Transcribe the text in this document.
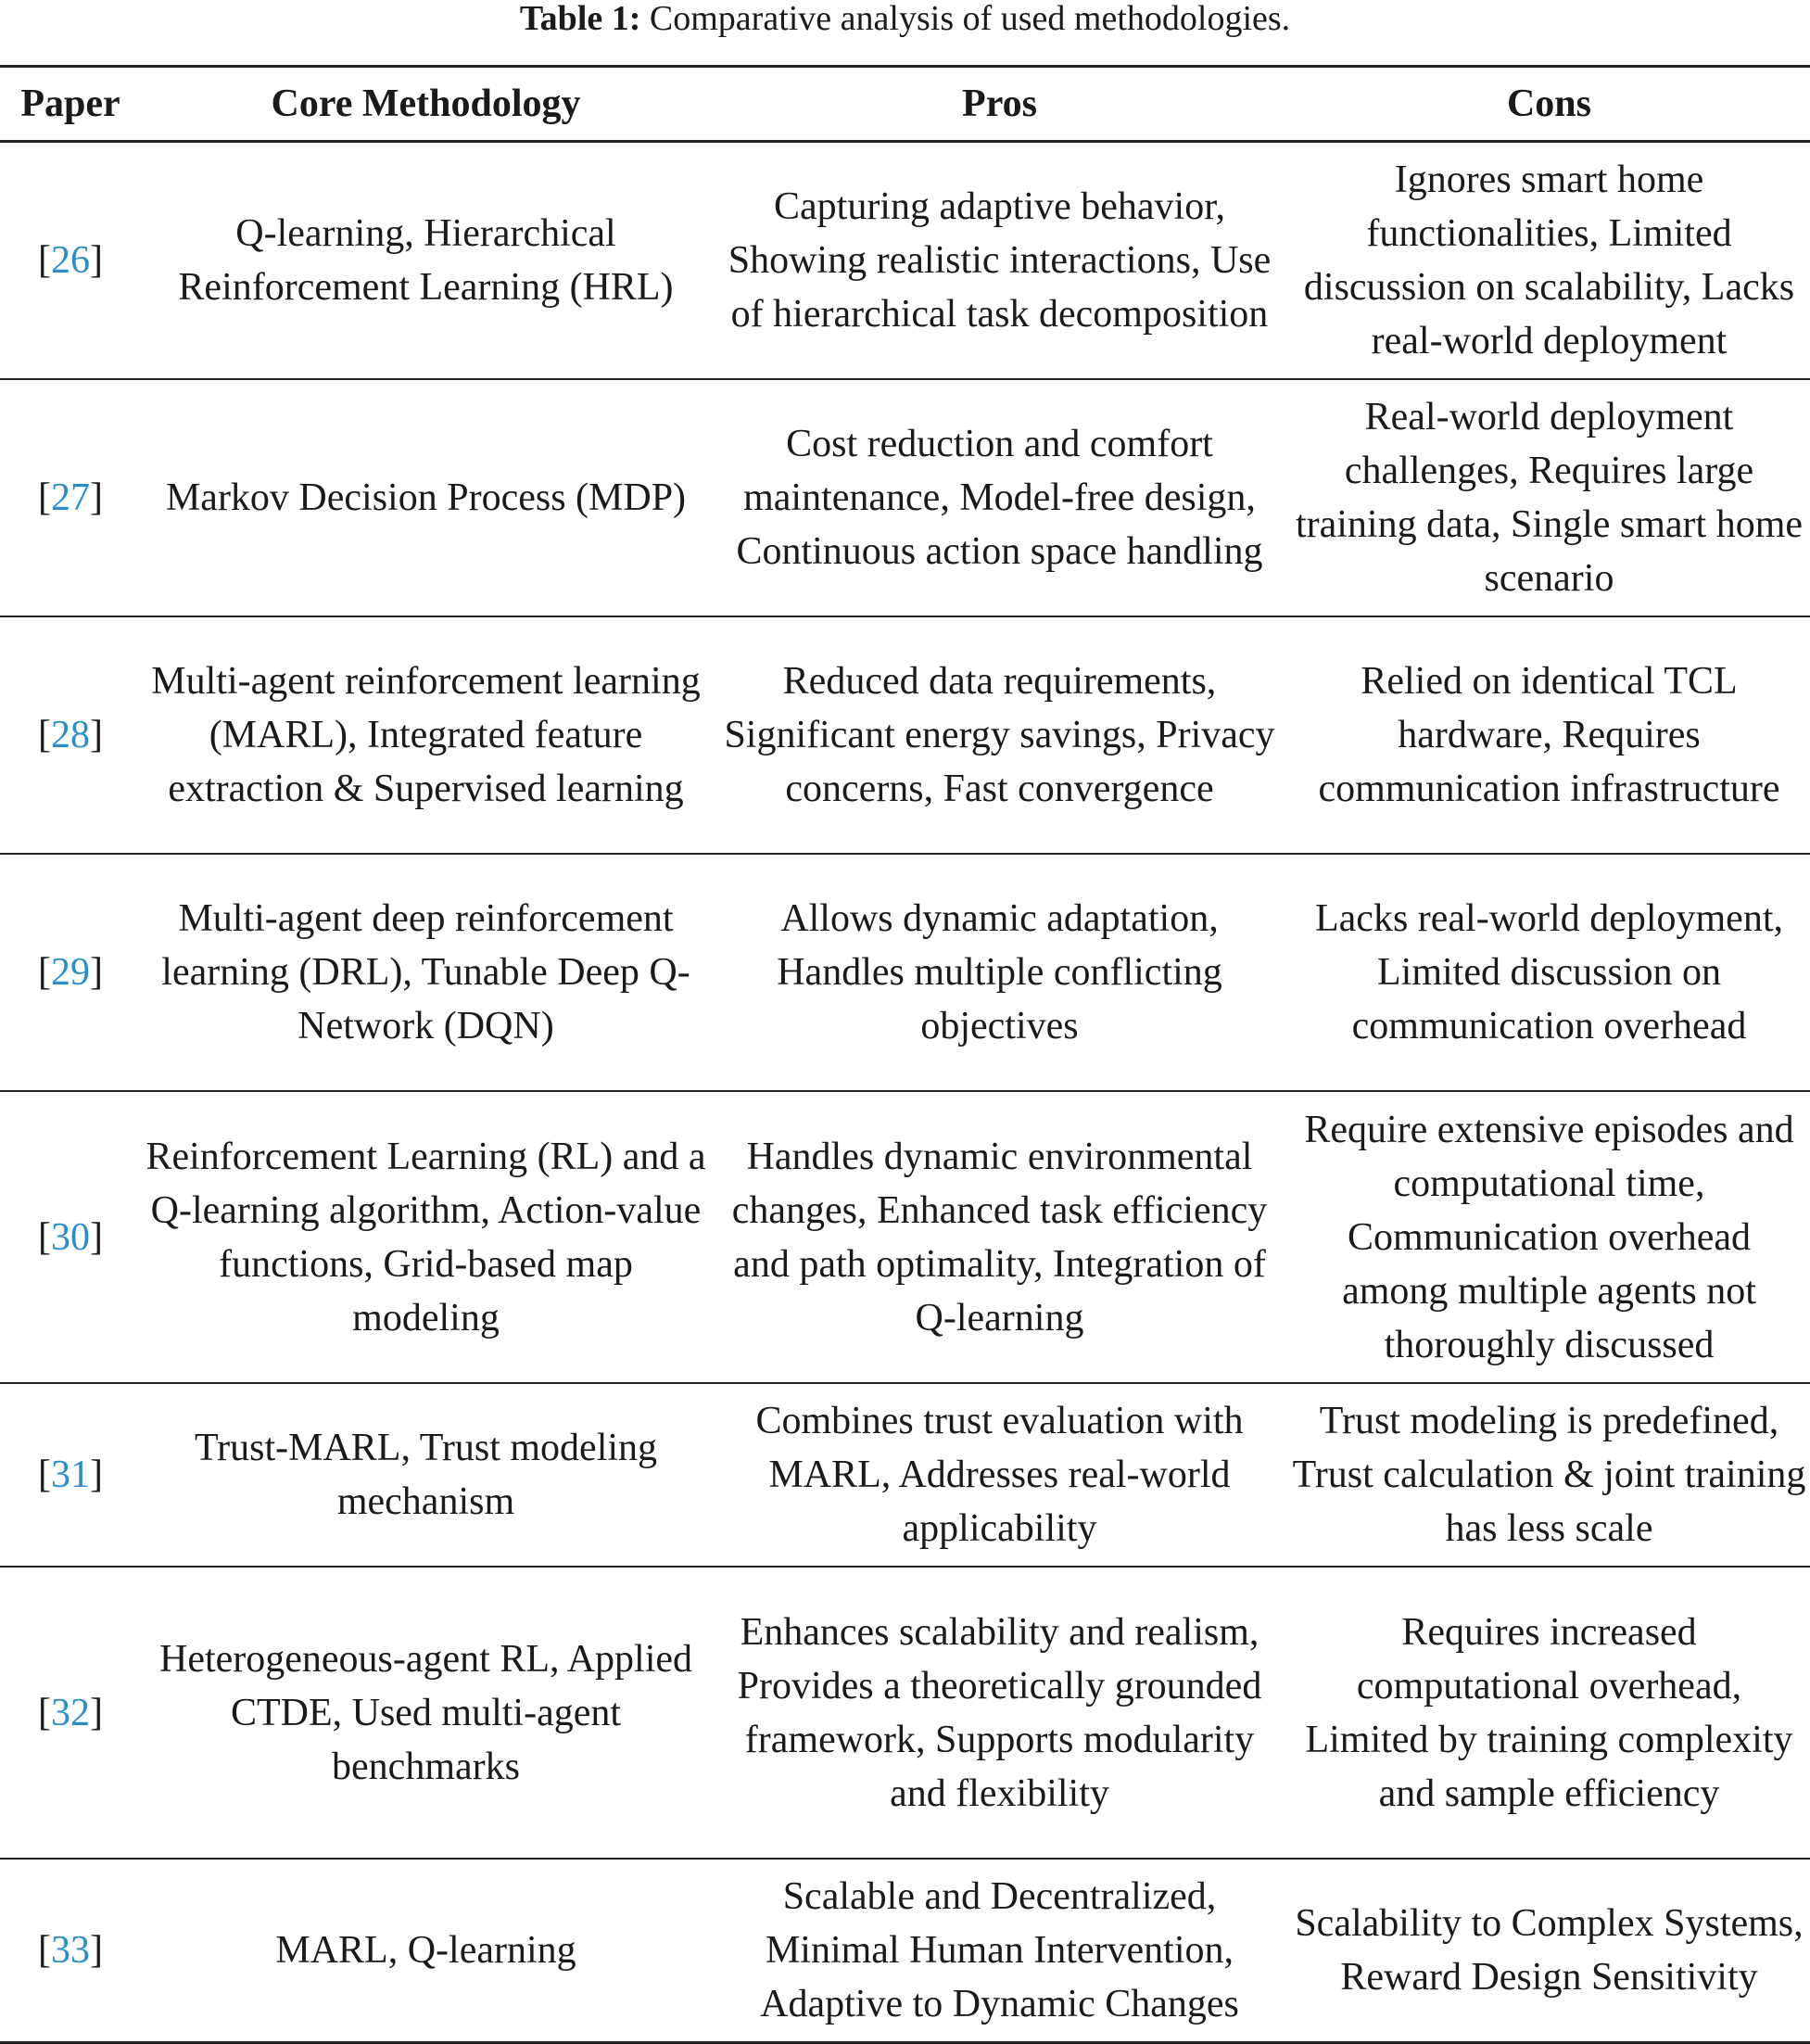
Table 1: Comparative analysis of used methodologies.
Paper	Core Methodology	Pros	Cons
[26]	Q-learning, Hierarchical Reinforcement Learning (HRL)	Capturing adaptive behavior, Showing realistic interactions, Use of hierarchical task decomposition	Ignores smart home functionalities, Limited discussion on scalability, Lacks real-world deployment
[27]	Markov Decision Process (MDP)	Cost reduction and comfort maintenance, Model-free design, Continuous action space handling	Real-world deployment challenges, Requires large training data, Single smart home scenario
[28]	Multi-agent reinforcement learning (MARL), Integrated feature extraction & Supervised learning	Reduced data requirements, Significant energy savings, Privacy concerns, Fast convergence	Relied on identical TCL hardware, Requires communication infrastructure
[29]	Multi-agent deep reinforcement learning (DRL), Tunable Deep Q-Network (DQN)	Allows dynamic adaptation, Handles multiple conflicting objectives	Lacks real-world deployment, Limited discussion on communication overhead
[30]	Reinforcement Learning (RL) and a Q-learning algorithm, Action-value functions, Grid-based map modeling	Handles dynamic environmental changes, Enhanced task efficiency and path optimality, Integration of Q-learning	Require extensive episodes and computational time, Communication overhead among multiple agents not thoroughly discussed
[31]	Trust-MARL, Trust modeling mechanism	Combines trust evaluation with MARL, Addresses real-world applicability	Trust modeling is predefined, Trust calculation & joint training has less scale
[32]	Heterogeneous-agent RL, Applied CTDE, Used multi-agent benchmarks	Enhances scalability and realism, Provides a theoretically grounded framework, Supports modularity and flexibility	Requires increased computational overhead, Limited by training complexity and sample efficiency
[33]	MARL, Q-learning	Scalable and Decentralized, Minimal Human Intervention, Adaptive to Dynamic Changes	Scalability to Complex Systems, Reward Design Sensitivity
